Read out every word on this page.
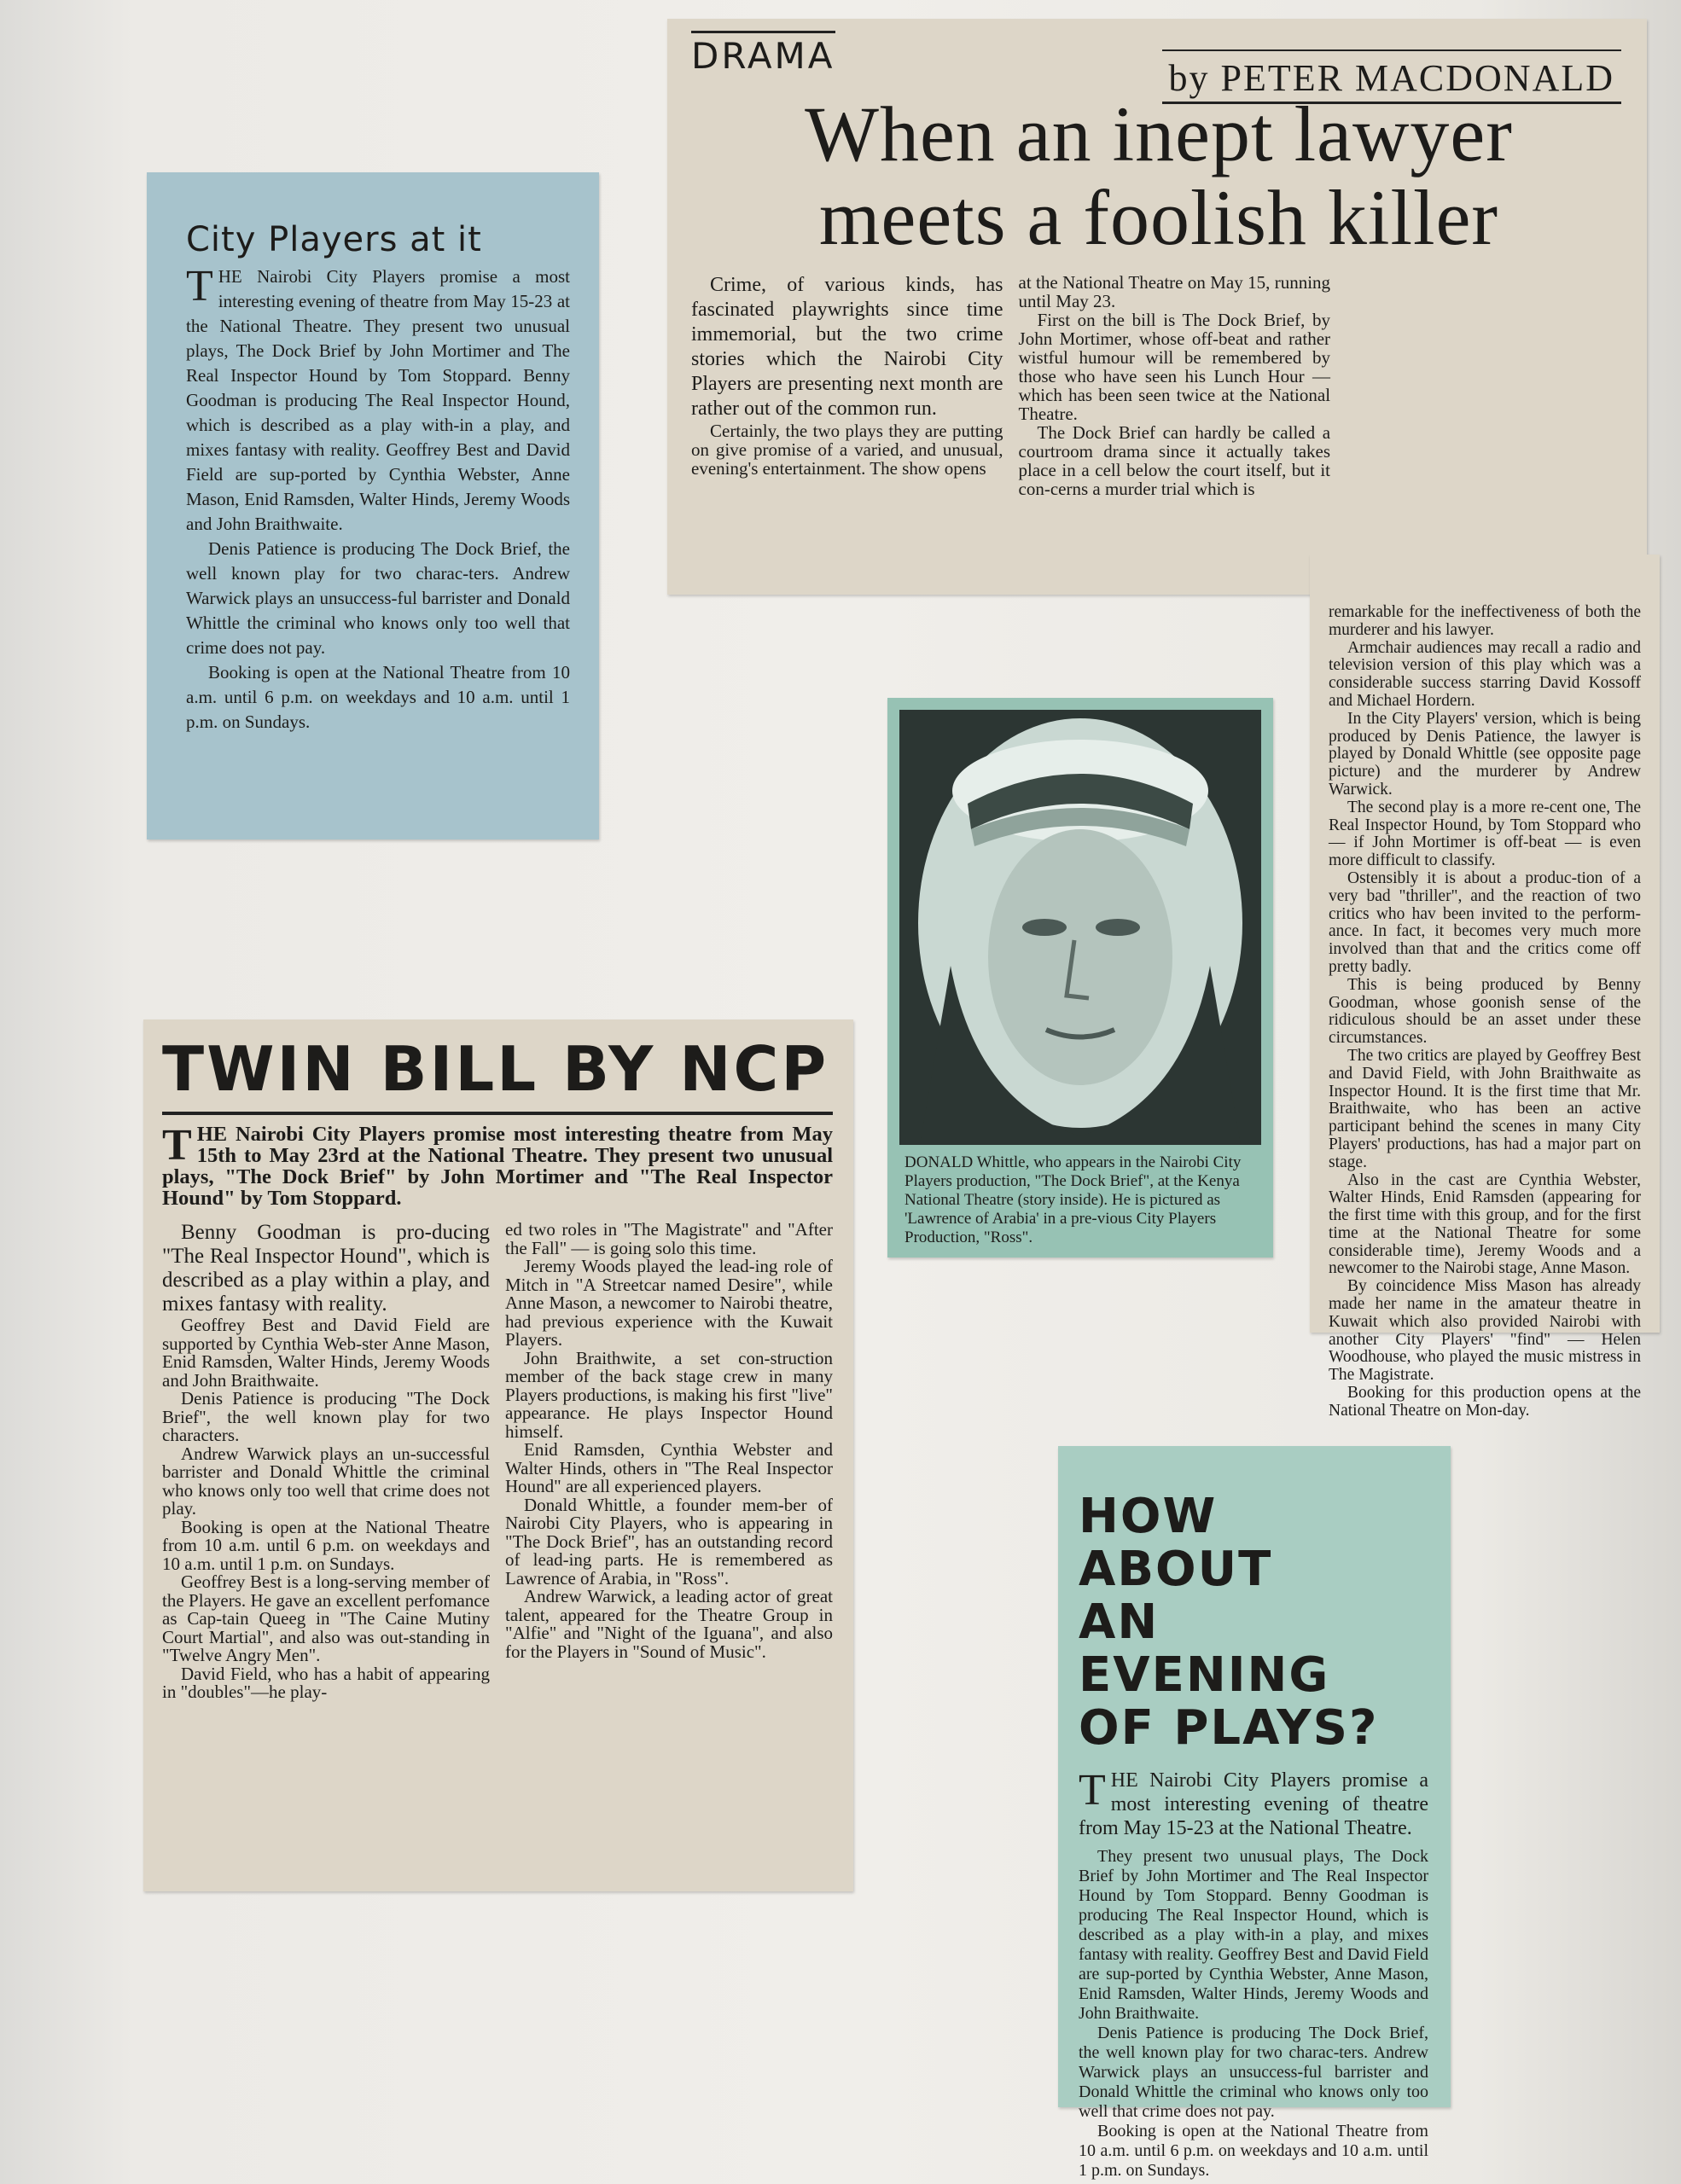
City Players at it

THE Nairobi City Players promise a most interesting evening of theatre from May 15-23 at the National Theatre. They present two unusual plays, The Dock Brief by John Mortimer and The Real Inspector Hound by Tom Stoppard. Benny Goodman is producing The Real Inspector Hound, which is described as a play with-in a play, and mixes fantasy with reality. Geoffrey Best and David Field are sup-ported by Cynthia Webster, Anne Mason, Enid Ramsden, Walter Hinds, Jeremy Woods and John Braithwaite.

Denis Patience is producing The Dock Brief, the well known play for two charac-ters. Andrew Warwick plays an unsuccess-ful barrister and Donald Whittle the criminal who knows only too well that crime does not pay.

Booking is open at the National Theatre from 10 a.m. until 6 p.m. on weekdays and 10 a.m. until 1 p.m. on Sundays.

DRAMA
by PETER MACDONALD
When an inept lawyer
meets a foolish killer

Crime, of various kinds, has fascinated playwrights since time immemorial, but the two crime stories which the Nairobi City Players are presenting next month are rather out of the common run.

Certainly, the two plays they are putting on give promise of a varied, and unusual, evening's entertainment. The show opens

at the National Theatre on May 15, running until May 23.

First on the bill is The Dock Brief, by John Mortimer, whose off-beat and rather wistful humour will be remembered by those who have seen his Lunch Hour — which has been seen twice at the National Theatre.

The Dock Brief can hardly be called a courtroom drama since it actually takes place in a cell below the court itself, but it con-cerns a murder trial which is

remarkable for the ineffectiveness of both the murderer and his lawyer.

Armchair audiences may recall a radio and television version of this play which was a considerable success starring David Kossoff and Michael Hordern.

In the City Players' version, which is being produced by Denis Patience, the lawyer is played by Donald Whittle (see opposite page picture) and the murderer by Andrew Warwick.

The second play is a more re-cent one, The Real Inspector Hound, by Tom Stoppard who — if John Mortimer is off-beat — is even more difficult to classify.

Ostensibly it is about a produc-tion of a very bad "thriller", and the reaction of two critics who hav been invited to the perform-ance. In fact, it becomes very much more involved than that and the critics come off pretty badly.

This is being produced by Benny Goodman, whose goonish sense of the ridiculous should be an asset under these circumstances.

The two critics are played by Geoffrey Best and David Field, with John Braithwaite as Inspector Hound. It is the first time that Mr. Braithwaite, who has been an active participant behind the scenes in many City Players' productions, has had a major part on stage.

Also in the cast are Cynthia Webster, Walter Hinds, Enid Ramsden (appearing for the first time with this group, and for the first time at the National Theatre for some considerable time), Jeremy Woods and a newcomer to the Nairobi stage, Anne Mason.

By coincidence Miss Mason has already made her name in the amateur theatre in Kuwait which also provided Nairobi with another City Players' "find" — Helen Woodhouse, who played the music mistress in The Magistrate.

Booking for this production opens at the National Theatre on Mon-day.

DONALD Whittle, who appears in the Nairobi City Players production, "The Dock Brief", at the Kenya National Theatre (story inside). He is pictured as 'Lawrence of Arabia' in a pre-vious City Players Production, "Ross".
TWIN BILL BY NCP
THE Nairobi City Players promise most interesting theatre from May 15th to May 23rd at the National Theatre. They present two unusual plays, "The Dock Brief" by John Mortimer and "The Real Inspector Hound" by Tom Stoppard.

Benny Goodman is pro-ducing "The Real Inspector Hound", which is described as a play within a play, and mixes fantasy with reality.

Geoffrey Best and David Field are supported by Cynthia Web-ster Anne Mason, Enid Ramsden, Walter Hinds, Jeremy Woods and John Braithwaite.

Denis Patience is producing "The Dock Brief", the well known play for two characters.

Andrew Warwick plays an un-successful barrister and Donald Whittle the criminal who knows only too well that crime does not play.

Booking is open at the National Theatre from 10 a.m. until 6 p.m. on weekdays and 10 a.m. until 1 p.m. on Sundays.

Geoffrey Best is a long-serving member of the Players. He gave an excellent perfomance as Cap-tain Queeg in "The Caine Mutiny Court Martial", and also was out-standing in "Twelve Angry Men".

David Field, who has a habit of appearing in "doubles"—he play-

ed two roles in "The Magistrate" and "After the Fall" — is going solo this time.

Jeremy Woods played the lead-ing role of Mitch in "A Streetcar named Desire", while Anne Mason, a newcomer to Nairobi theatre, had previous experience with the Kuwait Players.

John Braithwite, a set con-struction member of the back stage crew in many Players productions, is making his first "live" appearance. He plays Inspector Hound himself.

Enid Ramsden, Cynthia Webster and Walter Hinds, others in "The Real Inspector Hound" are all experienced players.

Donald Whittle, a founder mem-ber of Nairobi City Players, who is appearing in "The Dock Brief", has an outstanding record of lead-ing parts. He is remembered as Lawrence of Arabia, in "Ross".

Andrew Warwick, a leading actor of great talent, appeared for the Theatre Group in "Alfie" and "Night of the Iguana", and also for the Players in "Sound of Music".

HOW ABOUT
AN EVENING
OF PLAYS?

THE Nairobi City Players promise a most interesting evening of theatre from May 15-23 at the National Theatre.

They present two unusual plays, The Dock Brief by John Mortimer and The Real Inspector Hound by Tom Stoppard. Benny Goodman is producing The Real Inspector Hound, which is described as a play with-in a play, and mixes fantasy with reality. Geoffrey Best and David Field are sup-ported by Cynthia Webster, Anne Mason, Enid Ramsden, Walter Hinds, Jeremy Woods and John Braithwaite.

Denis Patience is producing The Dock Brief, the well known play for two charac-ters. Andrew Warwick plays an unsuccess-ful barrister and Donald Whittle the criminal who knows only too well that crime does not pay.

Booking is open at the National Theatre from 10 a.m. until 6 p.m. on weekdays and 10 a.m. until 1 p.m. on Sundays.
